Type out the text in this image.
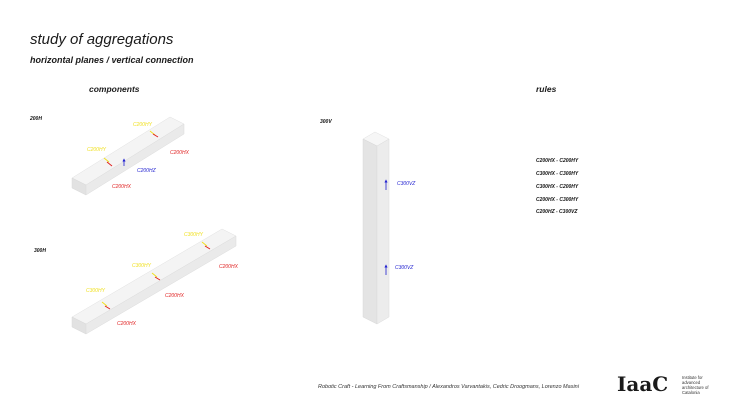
study of aggregations
horizontal planes / vertical connection
components	rules
200H
300H
300V
C200HY
C200HY	C200HX
C200HZ
C200HX
C300HY
C200HX
C300HY
C200HX
C300HY
C200HX
C300VZ
C300VZ
C200HX - C200HY
C300HX - C300HY
C300HX - C200HY
C200HX - C300HY
C200HZ - C300VZ
Robotic Craft - Learning From Craftsmanship / Alexandros Varvantakis, Cedric Droogmans, Lorenzo Masini IaaC	Institute for advanced architecture of Catalonia
